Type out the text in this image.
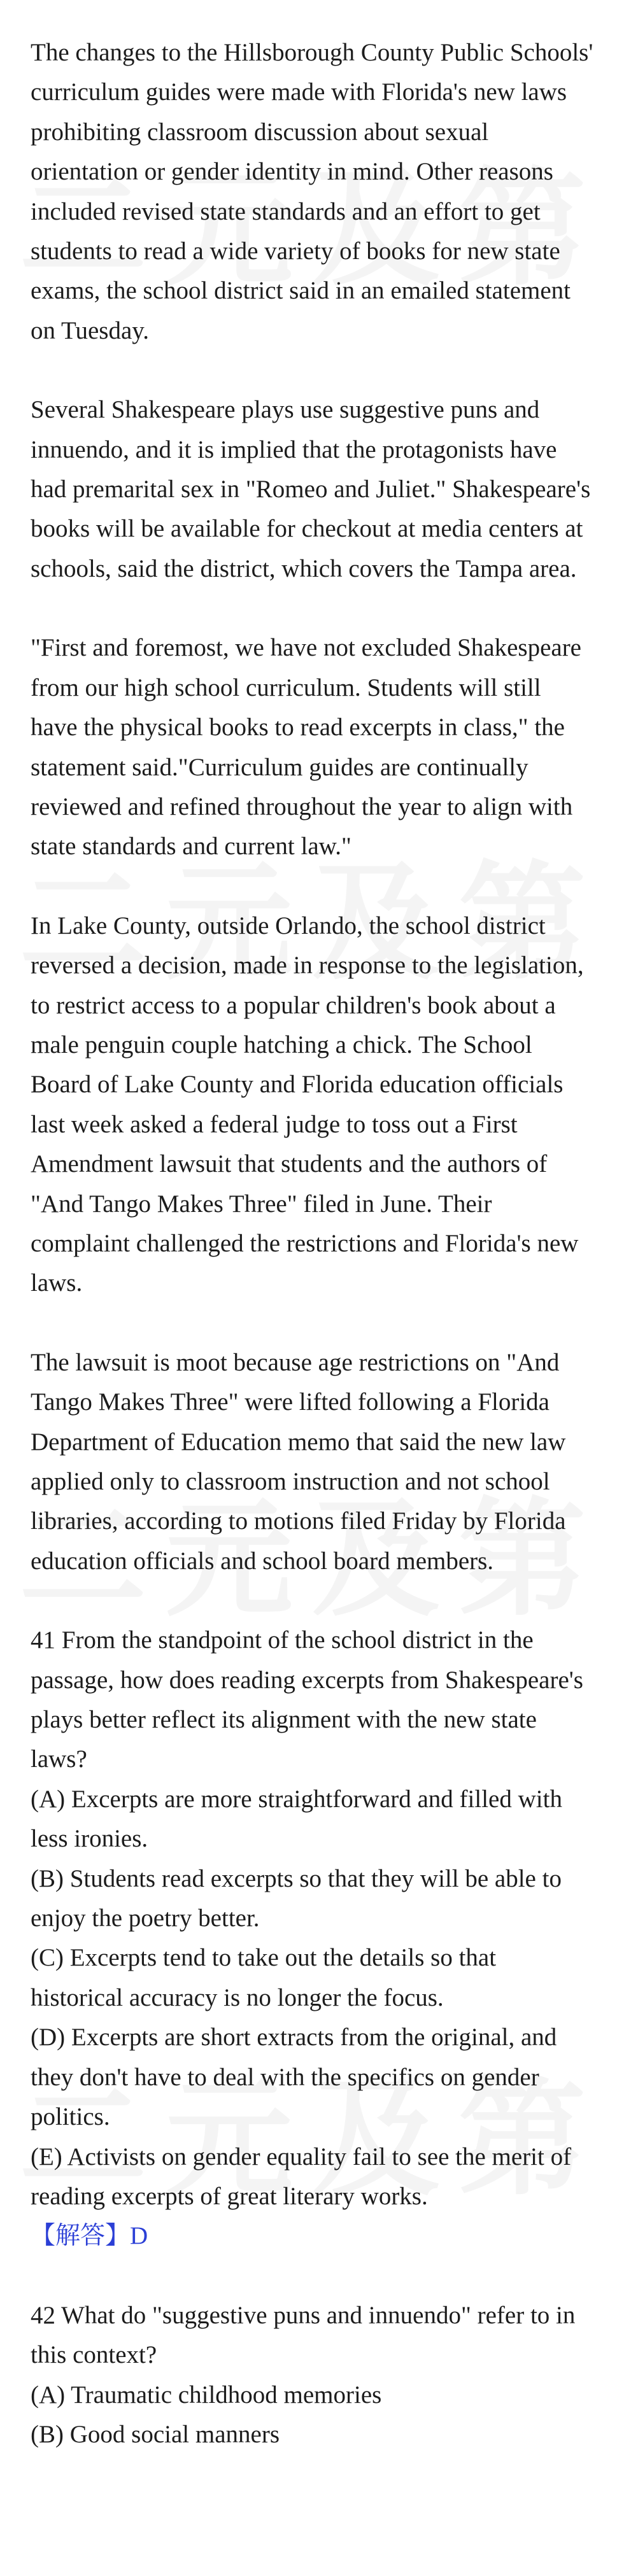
The changes to the Hillsborough County Public Schools' curriculum guides were made with Florida's new laws prohibiting classroom discussion about sexual orientation or gender identity in mind. Other reasons included revised state standards and an effort to get students to read a wide variety of books for new state exams, the school district said in an emailed statement on Tuesday.

Several Shakespeare plays use suggestive puns and innuendo, and it is implied that the protagonists have had premarital sex in "Romeo and Juliet." Shakespeare's books will be available for checkout at media centers at schools, said the district, which covers the Tampa area.

"First and foremost, we have not excluded Shakespeare from our high school curriculum. Students will still have the physical books to read excerpts in class," the statement said."Curriculum guides are continually reviewed and refined throughout the year to align with state standards and current law."

In Lake County, outside Orlando, the school district reversed a decision, made in response to the legislation, to restrict access to a popular children's book about a male penguin couple hatching a chick. The School Board of Lake County and Florida education officials last week asked a federal judge to toss out a First Amendment lawsuit that students and the authors of "And Tango Makes Three" filed in June. Their complaint challenged the restrictions and Florida's new laws.

The lawsuit is moot because age restrictions on "And Tango Makes Three" were lifted following a Florida Department of Education memo that said the new law applied only to classroom instruction and not school libraries, according to motions filed Friday by Florida education officials and school board members.

41 From the standpoint of the school district in the passage, how does reading excerpts from Shakespeare's plays better reflect its alignment with the new state laws?
(A) Excerpts are more straightforward and filled with less ironies.
(B) Students read excerpts so that they will be able to enjoy the poetry better.
(C) Excerpts tend to take out the details so that historical accuracy is no longer the focus.
(D) Excerpts are short extracts from the original, and they don't have to deal with the specifics on gender politics.
(E) Activists on gender equality fail to see the merit of reading excerpts of great literary works.
【解答】D
42 What do "suggestive puns and innuendo" refer to in this context?
(A) Traumatic childhood memories
(B) Good social manners
